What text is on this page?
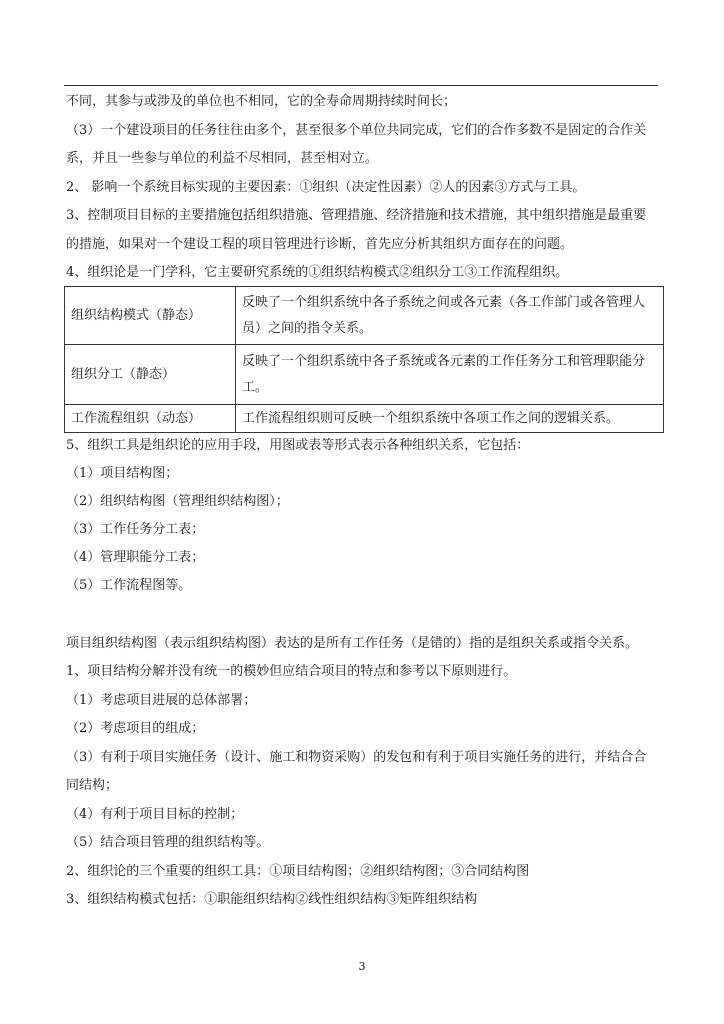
不同，其参与或涉及的单位也不相同，它的全寿命周期持续时间长；
（3）一个建设项目的任务往往由多个，甚至很多个单位共同完成，它们的合作多数不是固定的合作关
系，并且一些参与单位的利益不尽相同，甚至相对立。
2、 影响一个系统目标实现的主要因素：①组织（决定性因素）②人的因素③方式与工具。
3、控制项目目标的主要措施包括组织措施、管理措施、经济措施和技术措施，其中组织措施是最重要
的措施，如果对一个建设工程的项目管理进行诊断，首先应分析其组织方面存在的问题。
4、组织论是一门学科，它主要研究系统的①组织结构模式②组织分工③工作流程组织。
组织结构模式（静态）	反映了一个组织系统中各子系统之间或各元素（各工作部门或各管理人
员）之间的指令关系。

组织分工（静态）	反映了一个组织系统中各子系统或各元素的工作任务分工和管理职能分
工。

工作流程组织（动态）	工作流程组织则可反映一个组织系统中各项工作之间的逻辑关系。
5、组织工具是组织论的应用手段，用图或表等形式表示各种组织关系，它包括：
（1）项目结构图；
（2）组织结构图（管理组织结构图）；
（3）工作任务分工表；
（4）管理职能分工表；
（5）工作流程图等。
项目组织结构图（表示组织结构图）表达的是所有工作任务（是错的）指的是组织关系或指令关系。
1、项目结构分解并没有统一的模妙但应结合项目的特点和参考以下原则进行。
（1）考虑项目进展的总体部署；
（2）考虑项目的组成；
（3）有利于项目实施任务（设计、施工和物资采购）的发包和有利于项目实施任务的进行，并结合合
同结构；
（4）有利于项目目标的控制；
（5）结合项目管理的组织结构等。
2、组织论的三个重要的组织工具：①项目结构图；②组织结构图；③合同结构图
3、组织结构模式包括：①职能组织结构②线性组织结构③矩阵组织结构
3
